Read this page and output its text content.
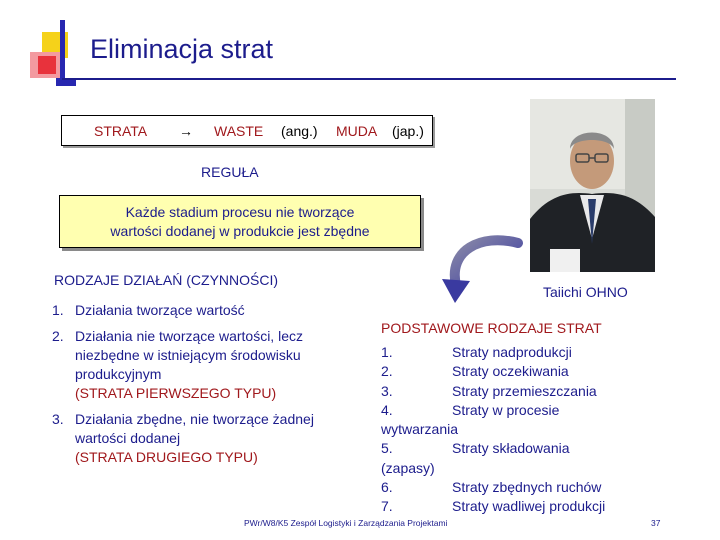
Eliminacja strat
STRATA → WASTE (ang.) MUDA (jap.)
REGUŁA
Każde stadium procesu nie tworzące
wartości dodanej w produkcie jest zbędne
RODZAJE DZIAŁAŃ (CZYNNOŚCI)
Taiichi OHNO
1. Działania tworzące wartość
2. Działania nie tworzące wartości, lecz niezbędne w istniejącym środowisku produkcyjnym
(STRATA PIERWSZEGO TYPU)
3. Działania zbędne, nie tworzące żadnej wartości dodanej
(STRATA DRUGIEGO TYPU)
PODSTAWOWE RODZAJE STRAT
1.	Straty nadprodukcji
2.	Straty oczekiwania
3.	Straty przemieszczania
4.	Straty w procesie
wytwarzania
5.	Straty składowania
(zapasy)
6.	Straty zbędnych ruchów
7.	Straty wadliwej produkcji
PWr/W8/K5 Zespół Logistyki i Zarządzania Projektami	37
